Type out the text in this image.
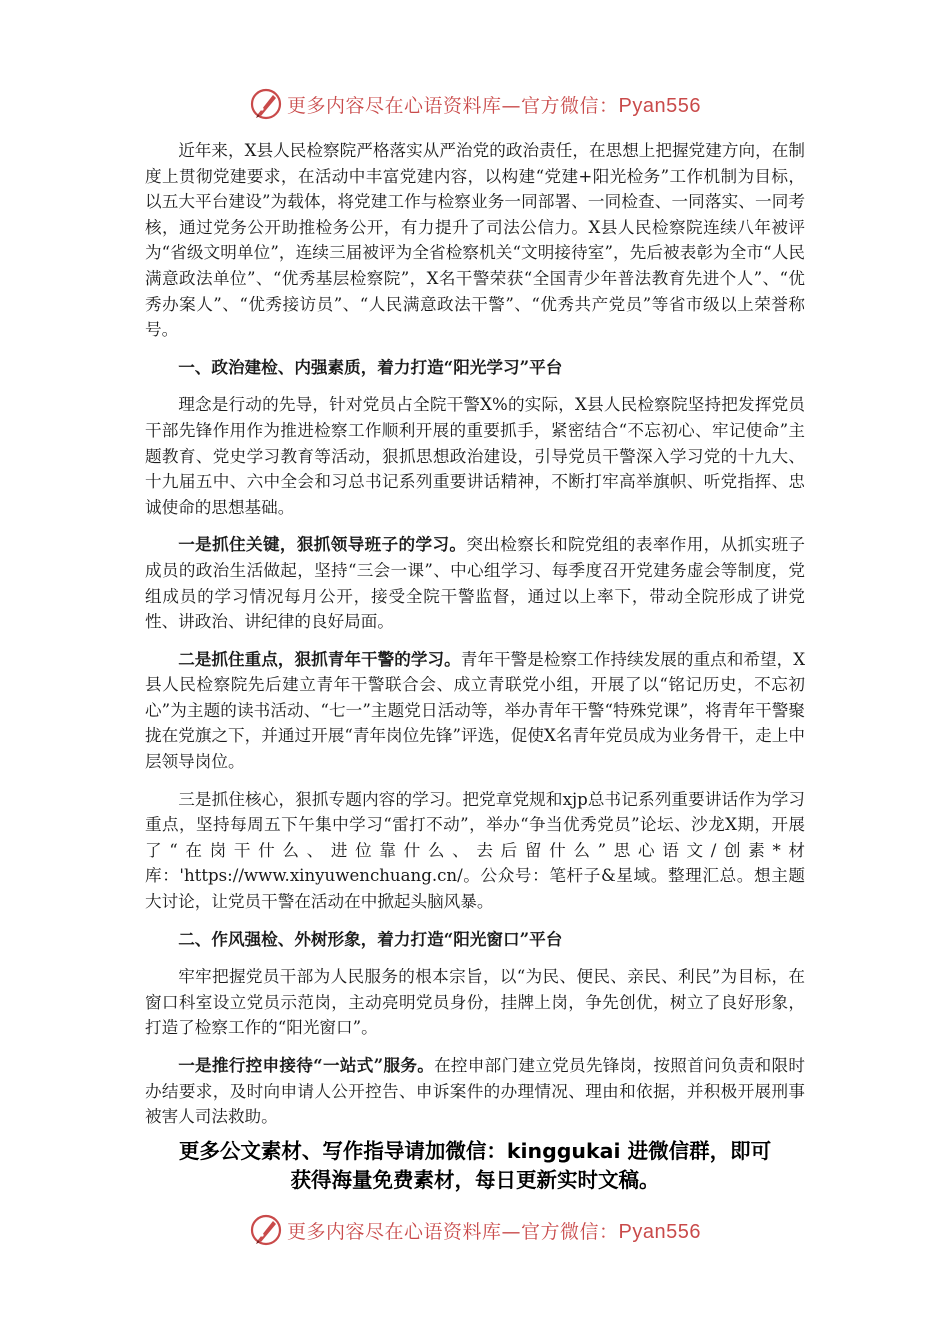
更多内容尽在心语资料库—官方微信：Pyan556

近年来，X县人民检察院严格落实从严治党的政治责任，在思想上把握党建方向，在制度上贯彻党建要求，在活动中丰富党建内容，以构建“党建+阳光检务”工作机制为目标，以五大平台建设”为载体，将党建工作与检察业务一同部署、一同检查、一同落实、一同考核，通过党务公开助推检务公开，有力提升了司法公信力。X县人民检察院连续八年被评为“省级文明单位”，连续三届被评为全省检察机关“文明接待室”，先后被表彰为全市“人民满意政法单位”、“优秀基层检察院”，X名干警荣获“全国青少年普法教育先进个人”、“优秀办案人”、“优秀接访员”、“人民满意政法干警”、“优秀共产党员”等省市级以上荣誉称号。

一、政治建检、内强素质，着力打造“阳光学习”平台

理念是行动的先导，针对党员占全院干警X%的实际，X县人民检察院坚持把发挥党员干部先锋作用作为推进检察工作顺利开展的重要抓手，紧密结合“不忘初心、牢记使命”主题教育、党史学习教育等活动，狠抓思想政治建设，引导党员干警深入学习党的十九大、十九届五中、六中全会和习总书记系列重要讲话精神，不断打牢高举旗帜、听党指挥、忠诚使命的思想基础。

一是抓住关键，狠抓领导班子的学习。突出检察长和院党组的表率作用，从抓实班子成员的政治生活做起，坚持“三会一课”、中心组学习、每季度召开党建务虚会等制度，党组成员的学习情况每月公开，接受全院干警监督，通过以上率下，带动全院形成了讲党性、讲政治、讲纪律的良好局面。

二是抓住重点，狠抓青年干警的学习。青年干警是检察工作持续发展的重点和希望，X县人民检察院先后建立青年干警联合会、成立青联党小组，开展了以“铭记历史，不忘初心”为主题的读书活动、“七一”主题党日活动等，举办青年干警“特殊党课”，将青年干警聚拢在党旗之下，并通过开展“青年岗位先锋”评选，促使X名青年党员成为业务骨干，走上中层领导岗位。

三是抓住核心，狠抓专题内容的学习。把党章党规和xjp总书记系列重要讲话作为学习重点，坚持每周五下午集中学习“雷打不动”，举办“争当优秀党员”论坛、沙龙X期，开展了“在岗干什么、进位靠什么、去后留什么”思心语文/创素*材库：'https://www.xinyuwenchuang.cn/。公众号：笔杆子&星域。整理汇总。想主题大讨论，让党员干警在活动在中掀起头脑风暴。

二、作风强检、外树形象，着力打造“阳光窗口”平台

牢牢把握党员干部为人民服务的根本宗旨，以“为民、便民、亲民、利民”为目标，在窗口科室设立党员示范岗，主动亮明党员身份，挂牌上岗，争先创优，树立了良好形象，打造了检察工作的“阳光窗口”。

一是推行控申接待“一站式”服务。在控申部门建立党员先锋岗，按照首问负责和限时办结要求，及时向申请人公开控告、申诉案件的办理情况、理由和依据，并积极开展刑事被害人司法救助。

更多公文素材、写作指导请加微信：kinggukai 进微信群，即可
获得海量免费素材，每日更新实时文稿。
更多内容尽在心语资料库—官方微信：Pyan556
